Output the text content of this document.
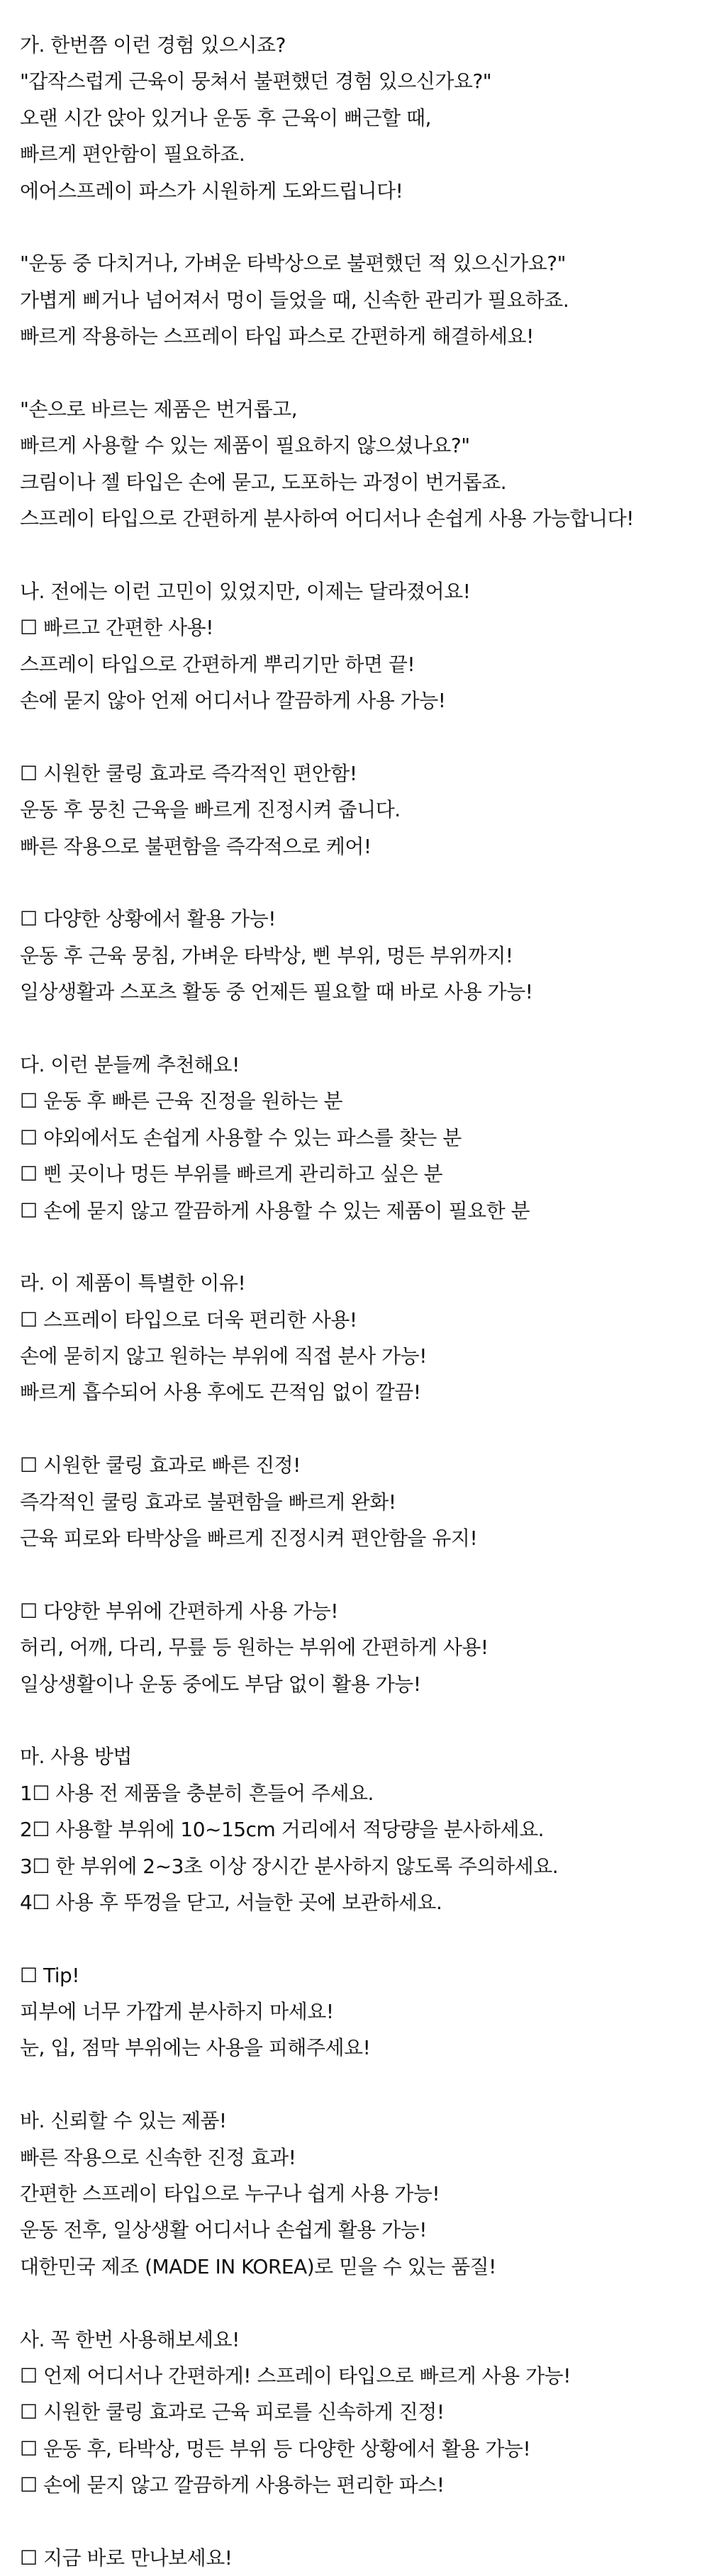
가. 한번쯤 이런 경험 있으시죠?
"갑작스럽게 근육이 뭉쳐서 불편했던 경험 있으신가요?"
오랜 시간 앉아 있거나 운동 후 근육이 뻐근할 때,
빠르게 편안함이 필요하죠.
에어스프레이 파스가 시원하게 도와드립니다!
"운동 중 다치거나, 가벼운 타박상으로 불편했던 적 있으신가요?"
가볍게 삐거나 넘어져서 멍이 들었을 때, 신속한 관리가 필요하죠.
빠르게 작용하는 스프레이 타입 파스로 간편하게 해결하세요!
"손으로 바르는 제품은 번거롭고,
빠르게 사용할 수 있는 제품이 필요하지 않으셨나요?"
크림이나 젤 타입은 손에 묻고, 도포하는 과정이 번거롭죠.
스프레이 타입으로 간편하게 분사하여 어디서나 손쉽게 사용 가능합니다!
나. 전에는 이런 고민이 있었지만, 이제는 달라졌어요!
☐ 빠르고 간편한 사용!
스프레이 타입으로 간편하게 뿌리기만 하면 끝!
손에 묻지 않아 언제 어디서나 깔끔하게 사용 가능!
☐ 시원한 쿨링 효과로 즉각적인 편안함!
운동 후 뭉친 근육을 빠르게 진정시켜 줍니다.
빠른 작용으로 불편함을 즉각적으로 케어!
☐ 다양한 상황에서 활용 가능!
운동 후 근육 뭉침, 가벼운 타박상, 삔 부위, 멍든 부위까지!
일상생활과 스포츠 활동 중 언제든 필요할 때 바로 사용 가능!
다. 이런 분들께 추천해요!
☐ 운동 후 빠른 근육 진정을 원하는 분
☐ 야외에서도 손쉽게 사용할 수 있는 파스를 찾는 분
☐ 삔 곳이나 멍든 부위를 빠르게 관리하고 싶은 분
☐ 손에 묻지 않고 깔끔하게 사용할 수 있는 제품이 필요한 분
라. 이 제품이 특별한 이유!
☐ 스프레이 타입으로 더욱 편리한 사용!
손에 묻히지 않고 원하는 부위에 직접 분사 가능!
빠르게 흡수되어 사용 후에도 끈적임 없이 깔끔!
☐ 시원한 쿨링 효과로 빠른 진정!
즉각적인 쿨링 효과로 불편함을 빠르게 완화!
근육 피로와 타박상을 빠르게 진정시켜 편안함을 유지!
☐ 다양한 부위에 간편하게 사용 가능!
허리, 어깨, 다리, 무릎 등 원하는 부위에 간편하게 사용!
일상생활이나 운동 중에도 부담 없이 활용 가능!
마. 사용 방법
1☐ 사용 전 제품을 충분히 흔들어 주세요.
2☐ 사용할 부위에 10~15cm 거리에서 적당량을 분사하세요.
3☐ 한 부위에 2~3초 이상 장시간 분사하지 않도록 주의하세요.
4☐ 사용 후 뚜껑을 닫고, 서늘한 곳에 보관하세요.
☐ Tip!
피부에 너무 가깝게 분사하지 마세요!
눈, 입, 점막 부위에는 사용을 피해주세요!
바. 신뢰할 수 있는 제품!
빠른 작용으로 신속한 진정 효과!
간편한 스프레이 타입으로 누구나 쉽게 사용 가능!
운동 전후, 일상생활 어디서나 손쉽게 활용 가능!
대한민국 제조 (MADE IN KOREA)로 믿을 수 있는 품질!
사. 꼭 한번 사용해보세요!
☐ 언제 어디서나 간편하게! 스프레이 타입으로 빠르게 사용 가능!
☐ 시원한 쿨링 효과로 근육 피로를 신속하게 진정!
☐ 운동 후, 타박상, 멍든 부위 등 다양한 상황에서 활용 가능!
☐ 손에 묻지 않고 깔끔하게 사용하는 편리한 파스!
☐ 지금 바로 만나보세요!
